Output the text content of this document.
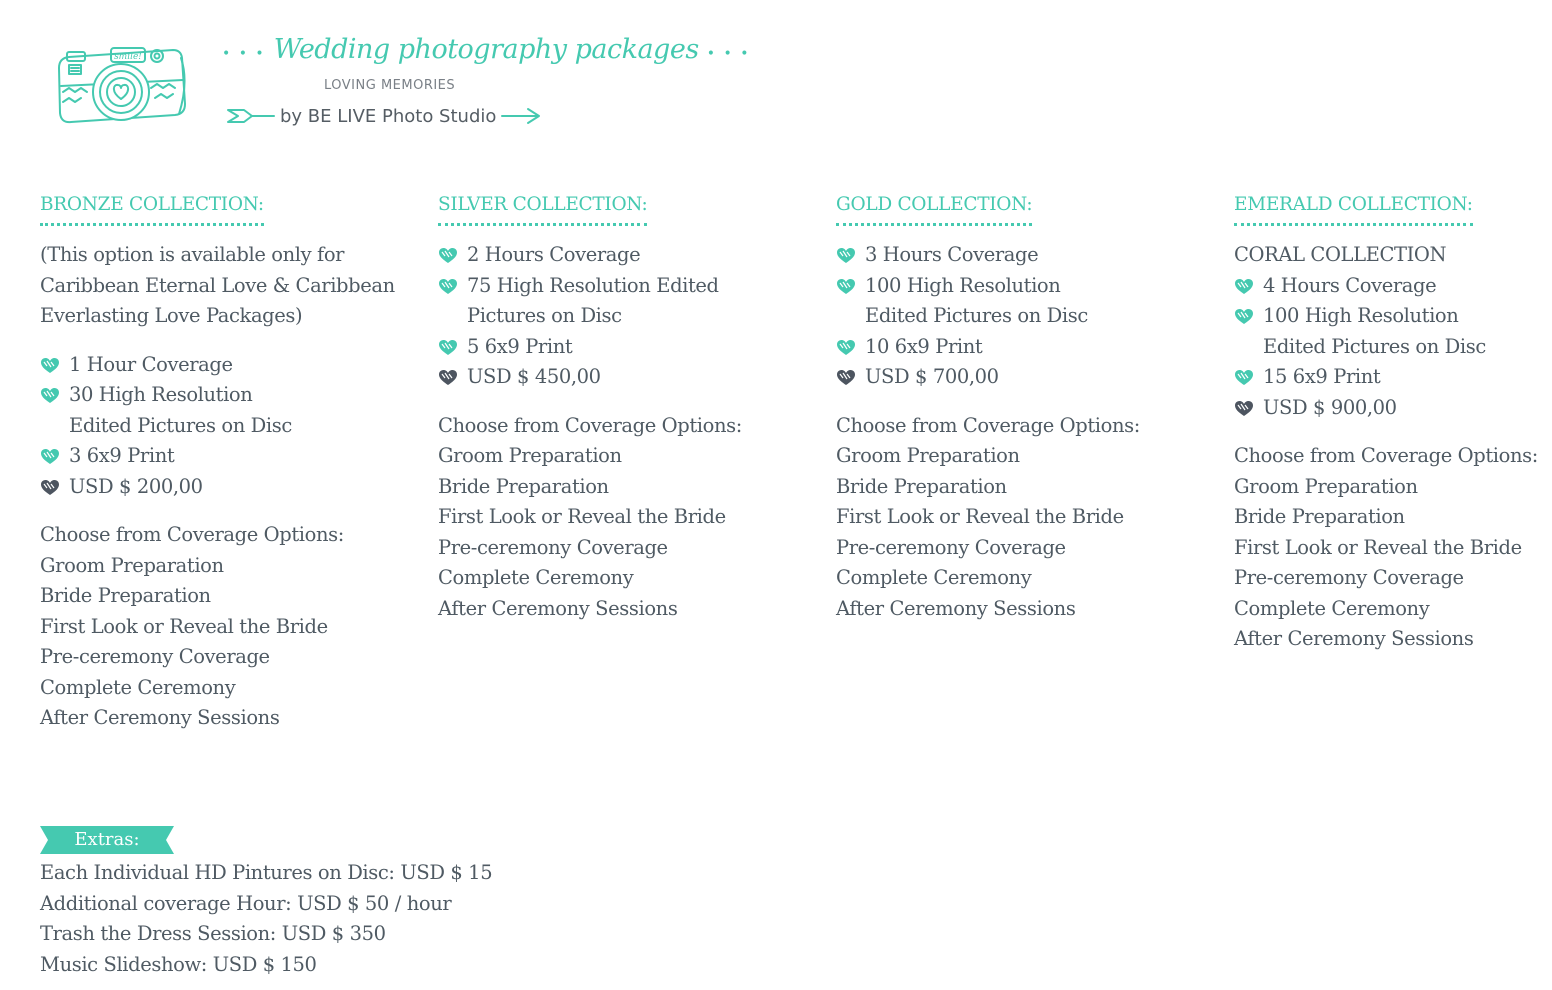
smile!	• • • Wedding photography packages • • •
LOVING MEMORIES
by BE LIVE Photo Studio
BRONZE COLLECTION:
(This option is available only for
Caribbean Eternal Love & Caribbean
Everlasting Love Packages)
1 Hour Coverage
30 High Resolution Edited Pictures on Disc
3 6x9 Print
USD $ 200,00
Choose from Coverage Options:
Groom Preparation
Bride Preparation
First Look or Reveal the Bride
Pre-ceremony Coverage
Complete Ceremony
After Ceremony Sessions
SILVER COLLECTION:
2 Hours Coverage
75 High Resolution Edited Pictures on Disc
5 6x9 Print
USD $ 450,00
Choose from Coverage Options:
Groom Preparation
Bride Preparation
First Look or Reveal the Bride
Pre-ceremony Coverage
Complete Ceremony
After Ceremony Sessions
GOLD COLLECTION:
3 Hours Coverage
100 High Resolution Edited Pictures on Disc
10 6x9 Print
USD $ 700,00
Choose from Coverage Options:
Groom Preparation
Bride Preparation
First Look or Reveal the Bride
Pre-ceremony Coverage
Complete Ceremony
After Ceremony Sessions
EMERALD COLLECTION:
CORAL COLLECTION
4 Hours Coverage
100 High Resolution Edited Pictures on Disc
15 6x9 Print
USD $ 900,00
Choose from Coverage Options:
Groom Preparation
Bride Preparation
First Look or Reveal the Bride
Pre-ceremony Coverage
Complete Ceremony
After Ceremony Sessions
Extras:
Each Individual HD Pintures on Disc: USD $ 15
Additional coverage Hour: USD $ 50 / hour
Trash the Dress Session: USD $ 350
Music Slideshow: USD $ 150
